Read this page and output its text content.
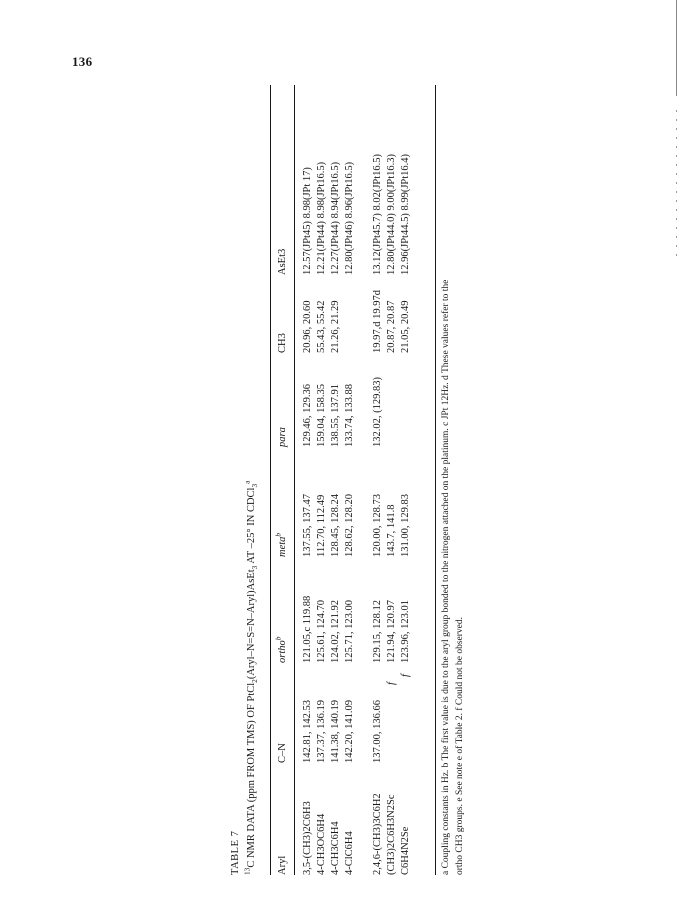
136
TABLE 7 $^{13}$C NMR DATA (ppm FROM TMS) OF PtCl$_2$(Aryl–N=S=N–Aryl)AsEt$_3$ AT –25° IN CDCl$_3^a$
Aryl
C–N
ortho$^b$
meta$^b$
para
CH3
AsEt3
3,5-(CH3)2C6H3
142.81, 142.53
121.05,c 119.88
137.55, 137.47
129.46, 129.36
20.96, 20.60
12.57(JPt45) 8.98(JPt 17)
4-CH3OC6H4
137.37, 136.19
125.61, 124.70
112.70, 112.49
159.04, 158.35
55.43, 55.42
12.21(JPt44) 8.98(JPt16.5)
4-CH3C6H4
141.38, 140.19
124.02, 121.92
128.45, 128.24
138.55, 137.91
21.26, 21.29
12.27(JPt44) 8.94(JPt16.5)
4-ClC6H4
142.20, 141.09
125.71, 123.00
128.62, 128.20
133.74, 133.88
12.80(JPt46) 8.96(JPt16.5)
2,4,6-(CH3)3C6H2
137.00, 136.66
129.15, 128.12
120.00, 128.73
132.02, (129.83)
19.97,d 19.97d
13.12(JPt45.7) 8.02(JPt16.5)
(CH3)2C6H3N2Sc
f
121.94, 120.97
143.7, 141.8
20.87, 20.87
12.80(JPt44.0) 9.00(JPt16.3)
C6H4N2Se
f
123.96, 123.01
131.00, 129.83
21.05, 20.49
12.96(JPt44.5) 8.99(JPt16.4)
a Coupling constants in Hz. b The first value is due to the aryl group bonded to the nitrogen attached on the platinum. c JPt 12Hz. d These values refer to the ortho CH3 groups. e See note e of Table 2. f Could not be observed.
